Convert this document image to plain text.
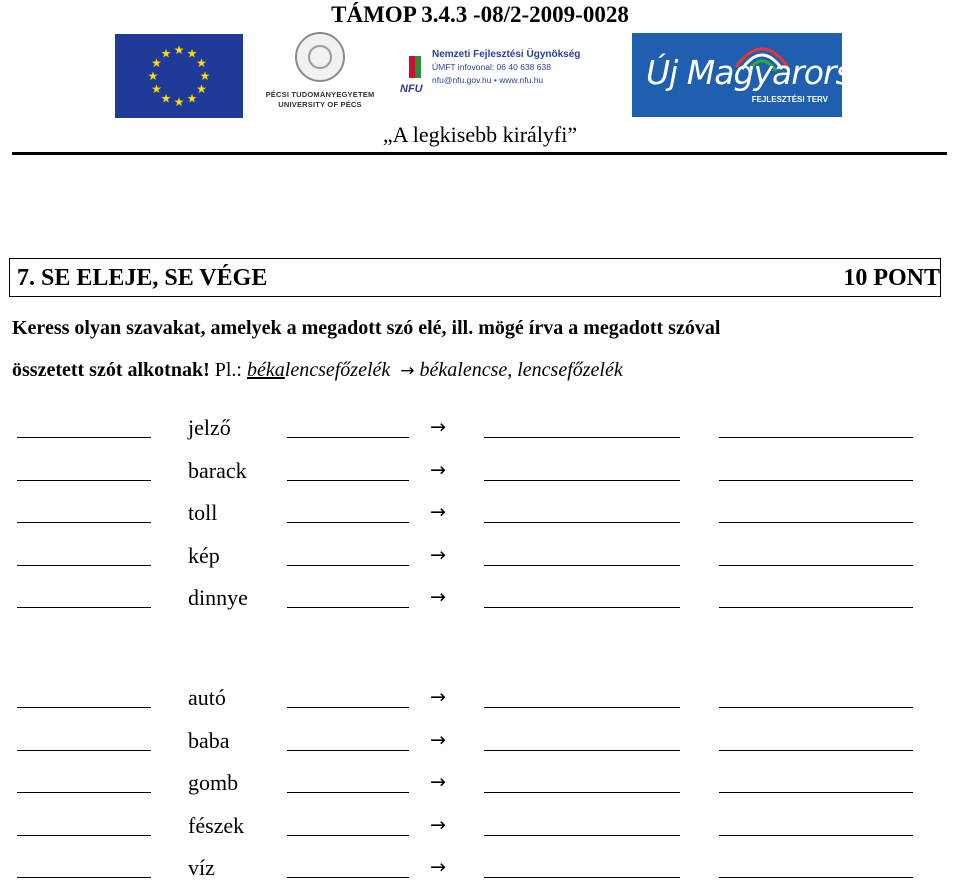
TÁMOP 3.4.3 -08/2-2009-0028
★ ★
★
★
★
★
★
★
★
★
★
★
PÉCSI TUDOMÁNYEGYETEM
UNIVERSITY OF PÉCS
NFU
Nemzeti Fejlesztési Ügynökség
ÚMFT infovonal: 06 40 638 638
nfu@nfu.gov.hu • www.nfu.hu	Új Magyarország
FEJLESZTÉSI TERV
„A legkisebb királyfi”
7. SE ELEJE, SE VÉGE	10 PONT
Keress olyan szavakat, amelyek a megadott szó elé, ill. mögé írva a megadott szóval
összetett szót alkotnak! Pl.: békalencsefőzelék → békalencse, lencsefőzelék
jelző	→
barack	→
toll	→
kép	→
dinnye	→
autó	→
baba	→
gomb	→
fészek	→
víz	→
